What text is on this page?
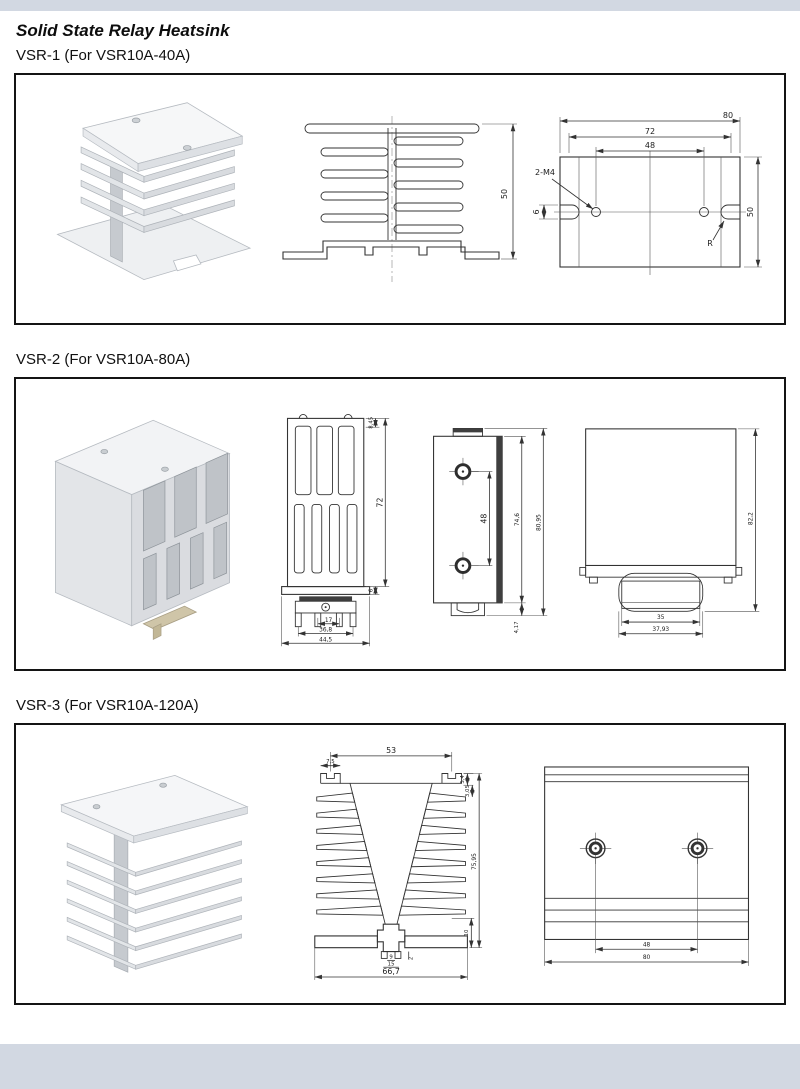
Solid State Relay Heatsink
VSR-1 (For VSR10A-40A)
50
80
72
48
50
6
2-M4
R
VSR-2 (For VSR10A-80A)
17
36,8
44,5
8,45
72
6
48	74,6
4,17
80,95	82,2
35
37,93
VSR-3 (For VSR10A-120A)
53
7,5
5,4
3,05
75,95
10
2
9
15
66,7
48
80
